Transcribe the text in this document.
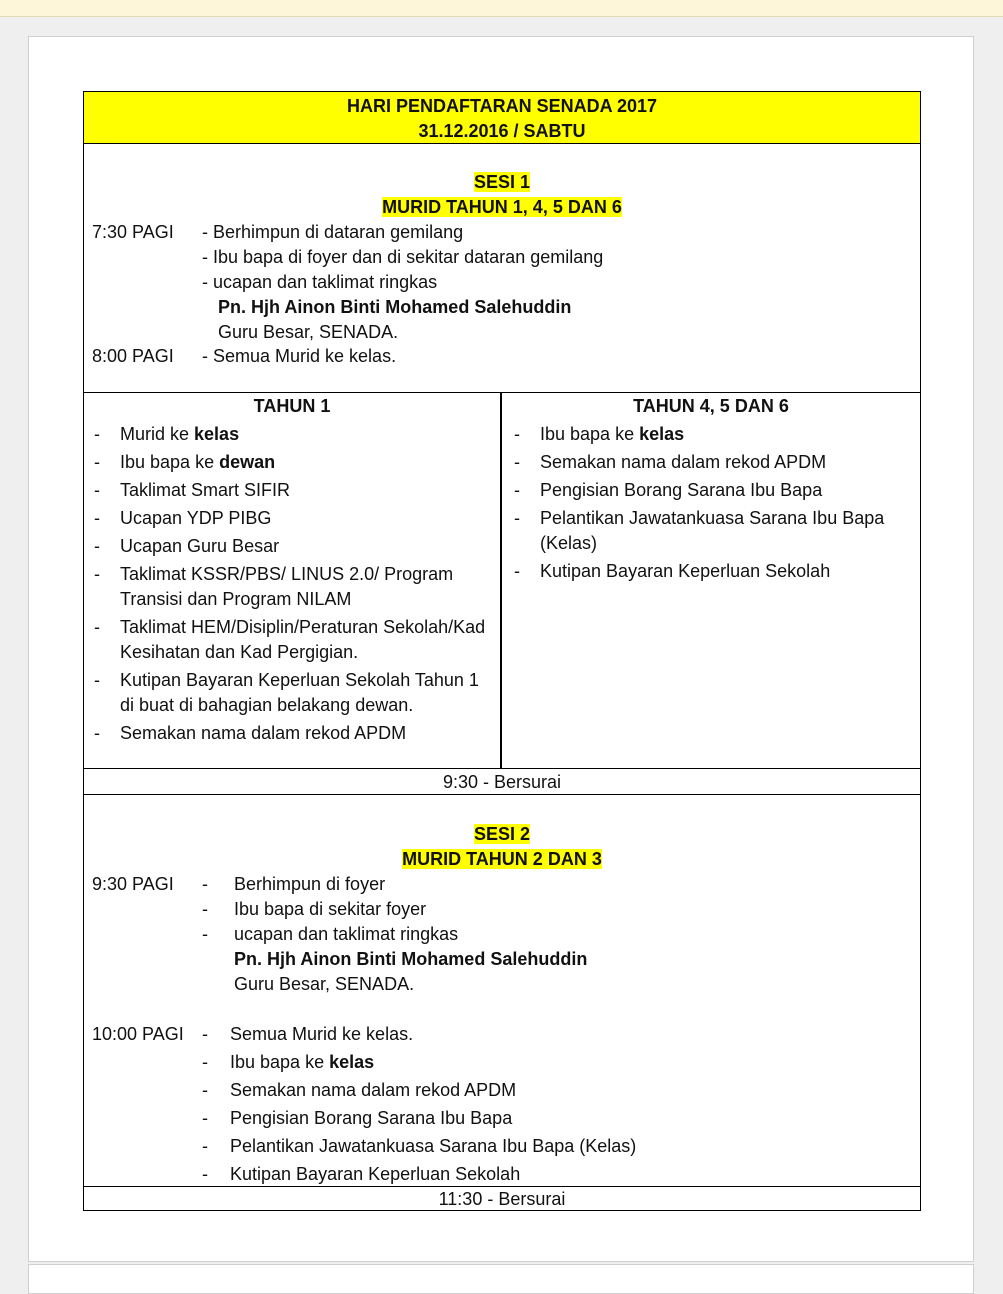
HARI PENDAFTARAN SENADA 2017
31.12.2016 / SABTU
SESI 1
MURID TAHUN 1, 4, 5 DAN 6
7:30 PAGI - Berhimpun di dataran gemilang
- Ibu bapa di foyer dan di sekitar dataran gemilang
- ucapan dan taklimat ringkas
Pn. Hjh Ainon Binti Mohamed Salehuddin
Guru Besar, SENADA.
8:00 PAGI - Semua Murid ke kelas.
TAHUN 1
- Murid ke kelas
- Ibu bapa ke dewan
- Taklimat Smart SIFIR
- Ucapan YDP PIBG
- Ucapan Guru Besar
- Taklimat KSSR/PBS/ LINUS 2.0/ Program Transisi dan Program NILAM
- Taklimat HEM/Disiplin/Peraturan Sekolah/Kad Kesihatan dan Kad Pergigian.
- Kutipan Bayaran Keperluan Sekolah Tahun 1 di buat di bahagian belakang dewan.
- Semakan nama dalam rekod APDM
TAHUN 4, 5 DAN 6
- Ibu bapa ke kelas
- Semakan nama dalam rekod APDM
- Pengisian Borang Sarana Ibu Bapa
- Pelantikan Jawatankuasa Sarana Ibu Bapa (Kelas)
- Kutipan Bayaran Keperluan Sekolah
9:30 - Bersurai
SESI 2
MURID TAHUN 2 DAN 3
9:30 PAGI - Berhimpun di foyer
- Ibu bapa di sekitar foyer
- ucapan dan taklimat ringkas
Pn. Hjh Ainon Binti Mohamed Salehuddin
Guru Besar, SENADA.
10:00 PAGI - Semua Murid ke kelas.
- Ibu bapa ke kelas
- Semakan nama dalam rekod APDM
- Pengisian Borang Sarana Ibu Bapa
- Pelantikan Jawatankuasa Sarana Ibu Bapa (Kelas)
- Kutipan Bayaran Keperluan Sekolah
11:30 - Bersurai
